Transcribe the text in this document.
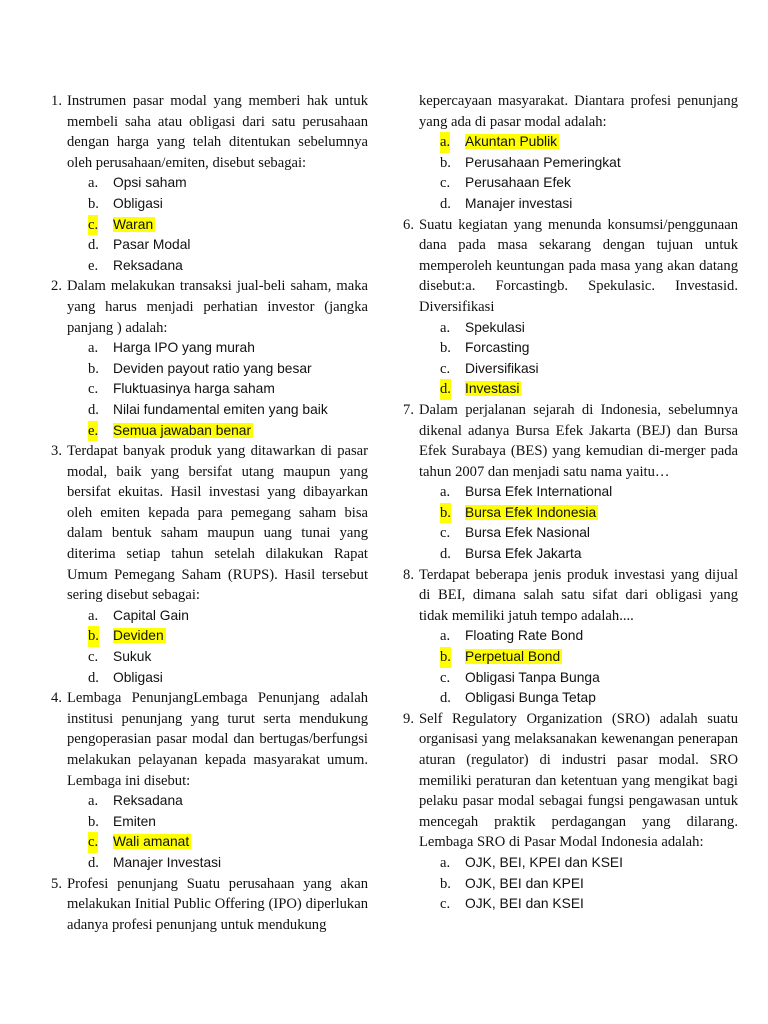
1. Instrumen pasar modal yang memberi hak untuk membeli saha atau obligasi dari satu perusahaan dengan harga yang telah ditentukan sebelumnya oleh perusahaan/emiten, disebut sebagai:
a. Opsi saham
b. Obligasi
c. Waran
d. Pasar Modal
e. Reksadana
2. Dalam melakukan transaksi jual-beli saham, maka yang harus menjadi perhatian investor (jangka panjang ) adalah:
a. Harga IPO yang murah
b. Deviden payout ratio yang besar
c. Fluktuasinya harga saham
d. Nilai fundamental emiten yang baik
e. Semua jawaban benar
3. Terdapat banyak produk yang ditawarkan di pasar modal, baik yang bersifat utang maupun yang bersifat ekuitas. Hasil investasi yang dibayarkan oleh emiten kepada para pemegang saham bisa dalam bentuk saham maupun uang tunai yang diterima setiap tahun setelah dilakukan Rapat Umum Pemegang Saham (RUPS). Hasil tersebut sering disebut sebagai:
a. Capital Gain
b. Deviden
c. Sukuk
d. Obligasi
4. Lembaga PenunjangLembaga Penunjang adalah institusi penunjang yang turut serta mendukung pengoperasian pasar modal dan bertugas/berfungsi melakukan pelayanan kepada masyarakat umum. Lembaga ini disebut:
a. Reksadana
b. Emiten
c. Wali amanat
d. Manajer Investasi
5. Profesi penunjang Suatu perusahaan yang akan melakukan Initial Public Offering (IPO) diperlukan adanya profesi penunjang untuk mendukung
kepercayaan masyarakat. Diantara profesi penunjang yang ada di pasar modal adalah:
a. Akuntan Publik
b. Perusahaan Pemeringkat
c. Perusahaan Efek
d. Manajer investasi
6. Suatu kegiatan yang menunda konsumsi/penggunaan dana pada masa sekarang dengan tujuan untuk memperoleh keuntungan pada masa yang akan datang disebut:a. Forcastingb. Spekulasic. Investasid. Diversifikasi
a. Spekulasi
b. Forcasting
c. Diversifikasi
d. Investasi
7. Dalam perjalanan sejarah di Indonesia, sebelumnya dikenal adanya Bursa Efek Jakarta (BEJ) dan Bursa Efek Surabaya (BES) yang kemudian di-merger pada tahun 2007 dan menjadi satu nama yaitu…
a. Bursa Efek International
b. Bursa Efek Indonesia
c. Bursa Efek Nasional
d. Bursa Efek Jakarta
8. Terdapat beberapa jenis produk investasi yang dijual di BEI, dimana salah satu sifat dari obligasi yang tidak memiliki jatuh tempo adalah....
a. Floating Rate Bond
b. Perpetual Bond
c. Obligasi Tanpa Bunga
d. Obligasi Bunga Tetap
9. Self Regulatory Organization (SRO) adalah suatu organisasi yang melaksanakan kewenangan penerapan aturan (regulator) di industri pasar modal. SRO memiliki peraturan dan ketentuan yang mengikat bagi pelaku pasar modal sebagai fungsi pengawasan untuk mencegah praktik perdagangan yang dilarang. Lembaga SRO di Pasar Modal Indonesia adalah:
a. OJK, BEI, KPEI dan KSEI
b. OJK, BEI dan KPEI
c. OJK, BEI dan KSEI
